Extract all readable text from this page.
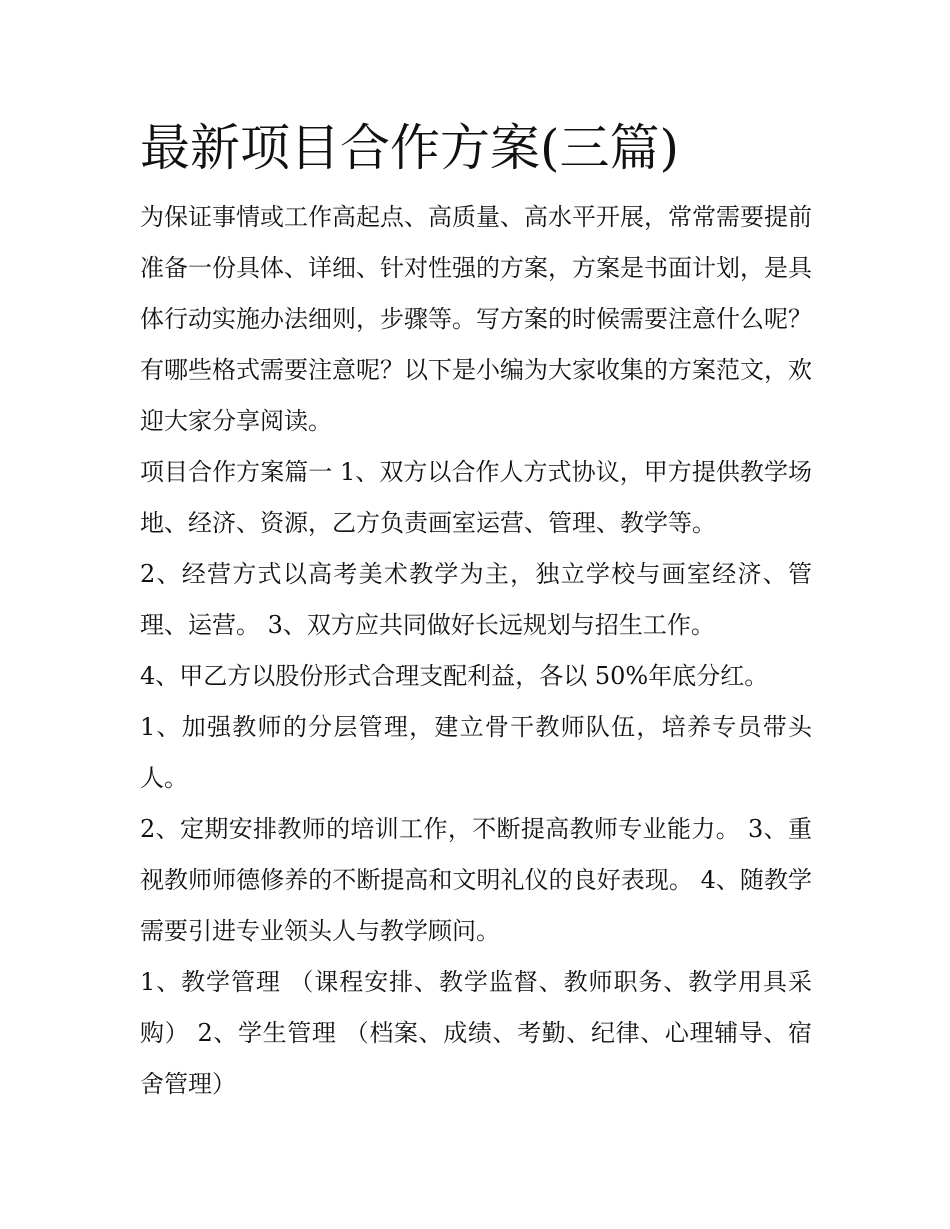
最新项目合作方案(三篇)

为保证事情或工作高起点、高质量、高水平开展，常常需要提前准备一份具体、详细、针对性强的方案，方案是书面计划，是具体行动实施办法细则，步骤等。写方案的时候需要注意什么呢？有哪些格式需要注意呢？以下是小编为大家收集的方案范文，欢迎大家分享阅读。

项目合作方案篇一 1、双方以合作人方式协议，甲方提供教学场地、经济、资源，乙方负责画室运营、管理、教学等。

2、经营方式以高考美术教学为主，独立学校与画室经济、管理、运营。 3、双方应共同做好长远规划与招生工作。

4、甲乙方以股份形式合理支配利益，各以 50%年底分红。

1、加强教师的分层管理，建立骨干教师队伍，培养专员带头人。

2、定期安排教师的培训工作，不断提高教师专业能力。 3、重视教师师德修养的不断提高和文明礼仪的良好表现。 4、随教学需要引进专业领头人与教学顾问。

1、教学管理 （课程安排、教学监督、教师职务、教学用具采购） 2、学生管理 （档案、成绩、考勤、纪律、心理辅导、宿舍管理）
